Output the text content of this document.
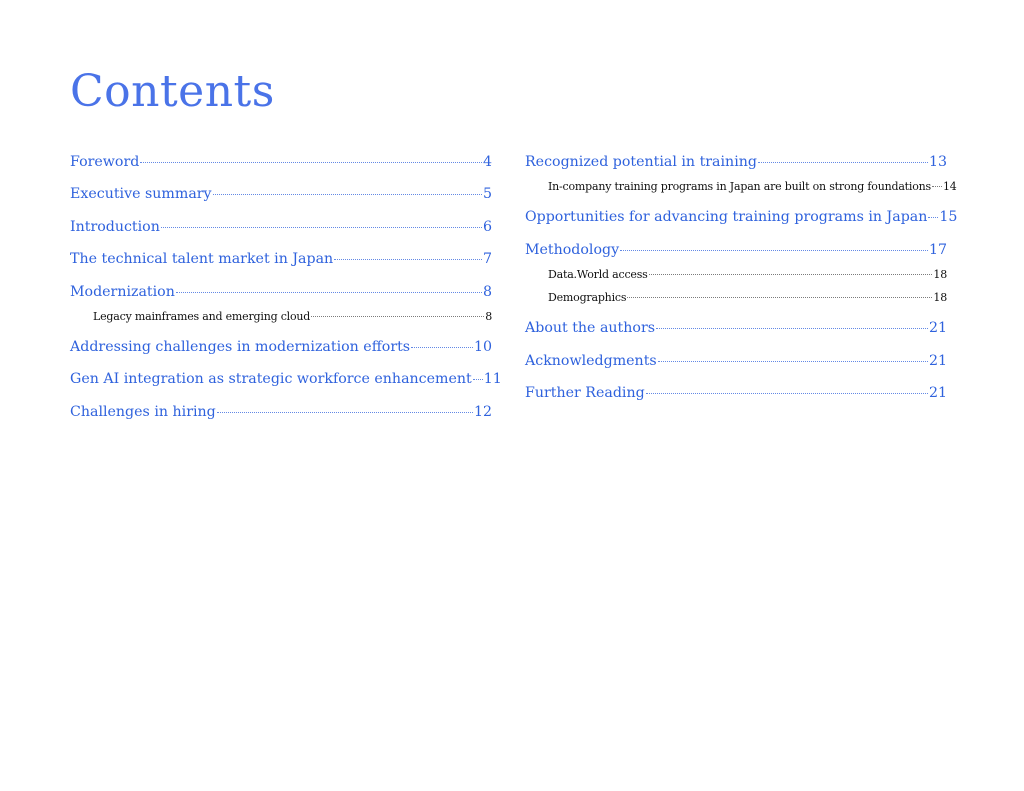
Contents
Foreword	4
Executive summary	5
Introduction	6
The technical talent market in Japan	7
Modernization	8
Legacy mainframes and emerging cloud	8
Addressing challenges in modernization efforts	10
Gen AI integration as strategic workforce enhancement 11
Challenges in hiring	12
Recognized potential in training	13
In-company training programs in Japan are built on strong foundations 14
Opportunities for advancing training programs in Japan 15
Methodology	17
Data.World access	18
Demographics	18
About the authors	21
Acknowledgments	21
Further Reading	21
